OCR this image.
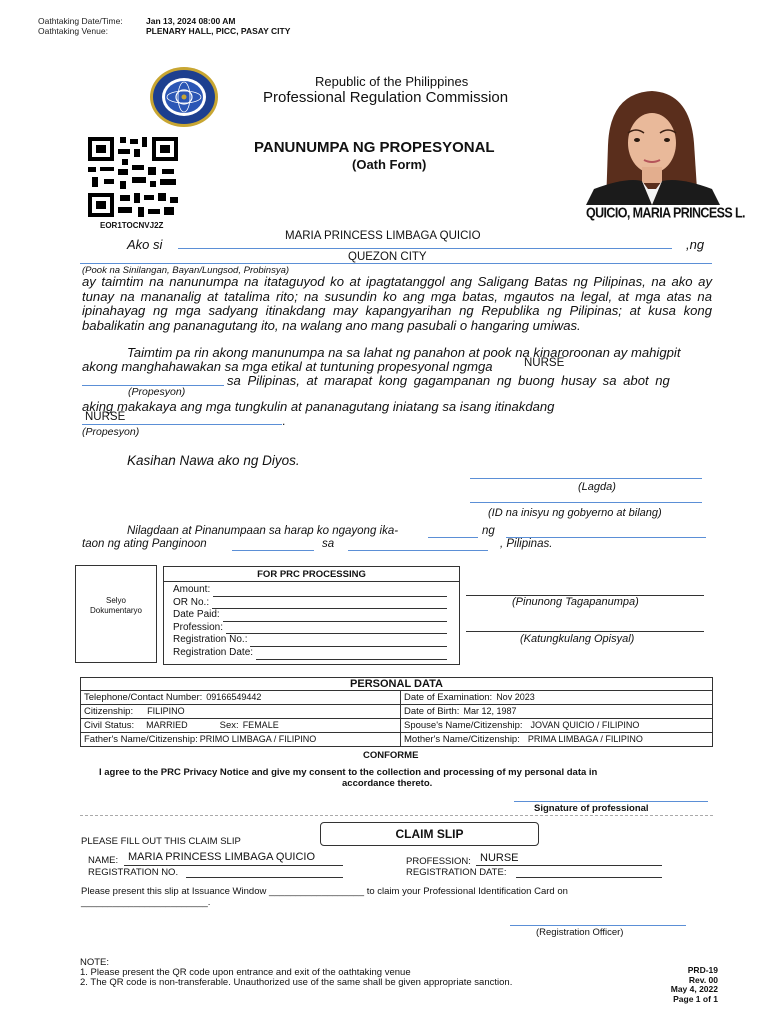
Oathtaking Date/Time:	Jan 13, 2024 08:00 AM
Oathtaking Venue:	PLENARY HALL, PICC, PASAY CITY
Republic of the Philippines
Professional Regulation Commission
EOR1TOCNVJ2Z
PANUNUMPA NG PROPESYONAL
(Oath Form)
QUICIO, MARIA PRINCESS L.
Ako si
MARIA PRINCESS LIMBAGA QUICIO
,ng
QUEZON CITY
(Pook na Sinilangan, Bayan/Lungsod, Probinsya)
ay taimtim na nanunumpa na itataguyod ko at ipagtatanggol ang Saligang Batas ng Pilipinas, na ako ay tunay na mananalig at tatalima rito; na susundin ko ang mga batas, mgautos na legal, at mga atas na ipinahayag ng mga sadyang itinakdang may kapangyarihan ng Republika ng Pilipinas; at kusa kong babalikatin ang pananagutang ito, na walang ano mang pasubali o hangaring umiwas.
Taimtim pa rin akong manunumpa na sa lahat ng panahon at pook na kinaroroonan ay mahigpit
akong manghahawakan sa mga etikal at tuntuning propesyonal ngmga	NURSE
sa Pilipinas, at marapat kong gagampanan ng buong husay sa abot ng
(Propesyon)
aking makakaya ang mga tungkulin at pananagutang iniatang sa isang itinakdang
NURSE	.
(Propesyon)
Kasihan Nawa ako ng Diyos.
(Lagda)
(ID na inisyu ng gobyerno at bilang)
Nilagdaan at Pinanumpaan sa harap ko ngayong ika-	ng
taon ng ating Panginoon	sa	, Pilipinas.
Selyo
Dokumentaryo
FOR PRC PROCESSING
Amount:
OR No.:
Date Paid:
Profession:
Registration No.:
Registration Date:
(Pinunong Tagapanumpa)
(Katungkulang Opisyal)
PERSONAL DATA	
Telephone/Contact Number: 09166549442	Date of Examination: Nov 2023
Citizenship: FILIPINO	Date of Birth: Mar 12, 1987
Civil Status: MARRIED Sex: FEMALE	Spouse's Name/Citizenship: JOVAN QUICIO / FILIPINO
Father's Name/Citizenship: PRIMO LIMBAGA / FILIPINO	Mother's Name/Citizenship: PRIMA LIMBAGA / FILIPINO
CONFORME
I agree to the PRC Privacy Notice and give my consent to the collection and processing of my personal data in
accordance thereto.
Signature of professional
PLEASE FILL OUT THIS CLAIM SLIP
CLAIM SLIP
NAME: MARIA PRINCESS LIMBAGA QUICIO	PROFESSION: NURSE
REGISTRATION NO.	REGISTRATION DATE:
Please present this slip at Issuance Window __________________ to claim your Professional Identification Card on
________________________.
(Registration Officer)
NOTE:
1. Please present the QR code upon entrance and exit of the oathtaking venue
2. The QR code is non-transferable. Unauthorized use of the same shall be given appropriate sanction.
PRD-19
Rev. 00
May 4, 2022
Page 1 of 1
